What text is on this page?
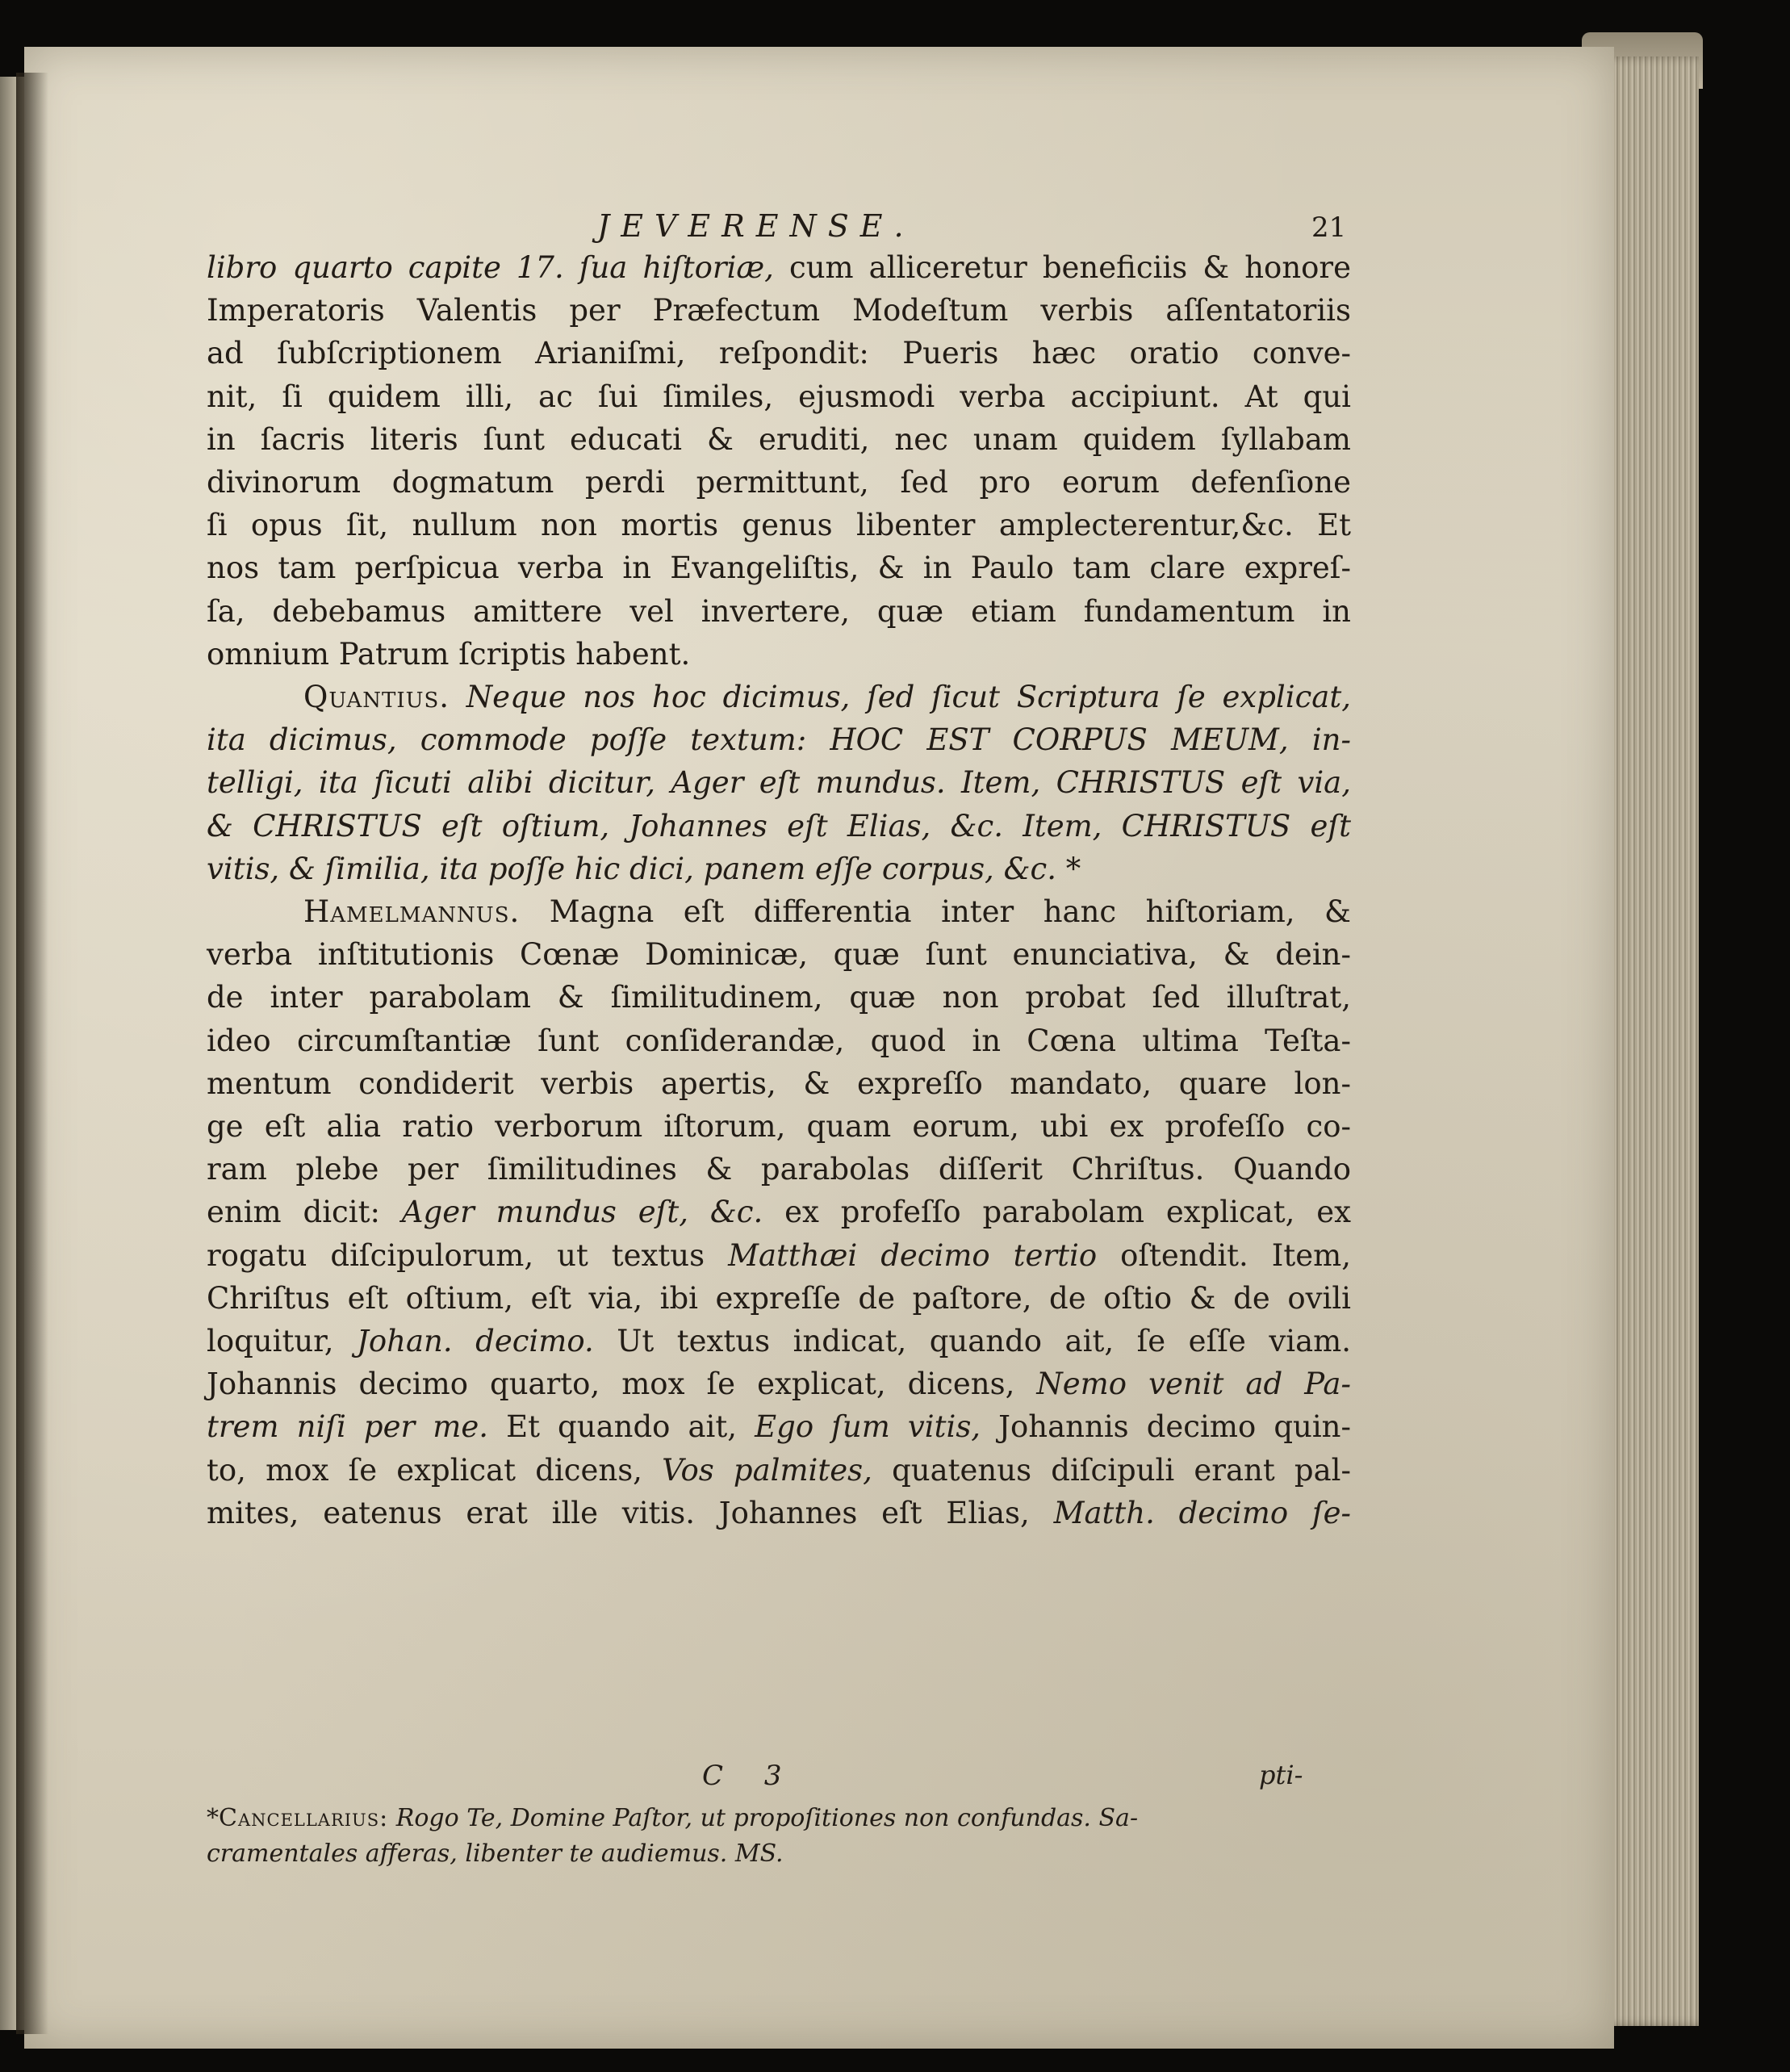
JEVERENSE.	21
libro quarto capite 17. ſua hiſtoriæ, cum alliceretur beneficiis & honore
Imperatoris Valentis per Præfectum Modeſtum verbis aſſentatoriis
ad ſubſcriptionem Arianiſmi, reſpondit: Pueris hæc oratio conve-
nit, ſi quidem illi, ac ſui ſimiles, ejusmodi verba accipiunt. At qui
in ſacris literis ſunt educati & eruditi, nec unam quidem ſyllabam
divinorum dogmatum perdi permittunt, ſed pro eorum defenſione
ſi opus ſit, nullum non mortis genus libenter amplecterentur,&c. Et
nos tam perſpicua verba in Evangeliſtis, & in Paulo tam clare expreſ-
ſa, debebamus amittere vel invertere, quæ etiam fundamentum in
omnium Patrum ſcriptis habent.
Quantius. Neque nos hoc dicimus, ſed ſicut Scriptura ſe explicat,
ita dicimus, commode poſſe textum: HOC EST CORPUS MEUM, in-
telligi, ita ſicuti alibi dicitur, Ager eſt mundus. Item, CHRISTUS eſt via,
& CHRISTUS eſt oſtium, Johannes eſt Elias, &c. Item, CHRISTUS eſt
vitis, & ſimilia, ita poſſe hic dici, panem eſſe corpus, &c. *
Hamelmannus. Magna eſt differentia inter hanc hiſtoriam, &
verba inſtitutionis Cœnæ Dominicæ, quæ ſunt enunciativa, & dein-
de inter parabolam & ſimilitudinem, quæ non probat ſed illuſtrat,
ideo circumſtantiæ ſunt conſiderandæ, quod in Cœna ultima Teſta-
mentum condiderit verbis apertis, & expreſſo mandato, quare lon-
ge eſt alia ratio verborum iſtorum, quam eorum, ubi ex profeſſo co-
ram plebe per ſimilitudines & parabolas diſſerit Chriſtus. Quando
enim dicit: Ager mundus eſt, &c. ex profeſſo parabolam explicat, ex
rogatu diſcipulorum, ut textus Matthæi decimo tertio oſtendit. Item,
Chriſtus eſt oſtium, eſt via, ibi expreſſe de paſtore, de oſtio & de ovili
loquitur, Johan. decimo. Ut textus indicat, quando ait, ſe eſſe viam.
Johannis decimo quarto, mox ſe explicat, dicens, Nemo venit ad Pa-
trem niſi per me. Et quando ait, Ego ſum vitis, Johannis decimo quin-
to, mox ſe explicat dicens, Vos palmites, quatenus diſcipuli erant pal-
mites, eatenus erat ille vitis. Johannes eſt Elias, Matth. decimo ſe-
*Cancellarius: Rogo Te, Domine Paſtor, ut propoſitiones non confundas. Sa-
cramentales afferas, libenter te audiemus. MS.
C 3	pti-
